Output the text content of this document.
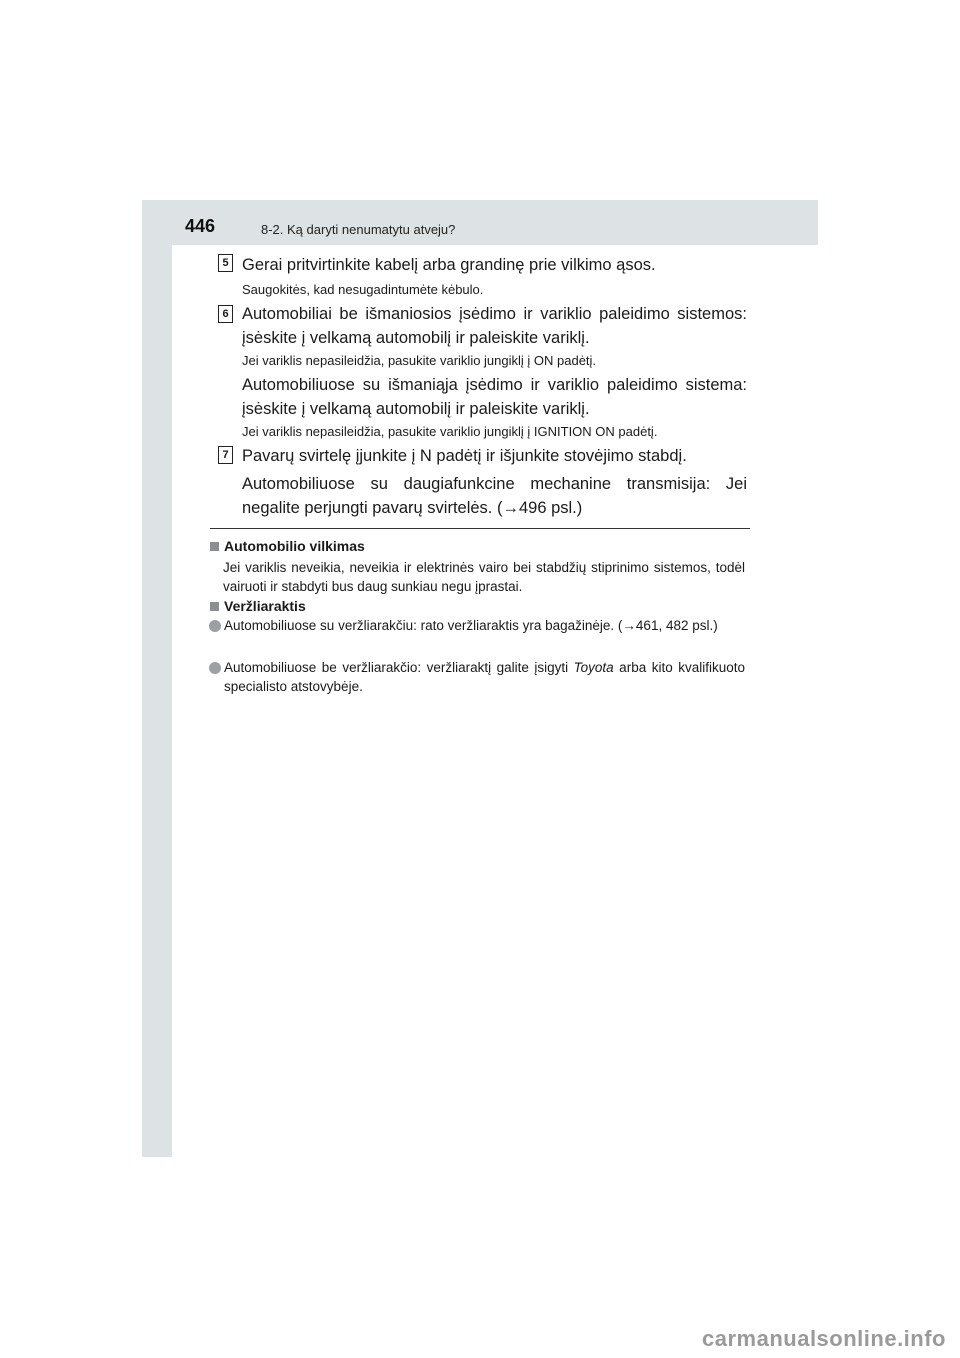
446	8-2. Ką daryti nenumatytu atveju?
5 Gerai pritvirtinkite kabelį arba grandinę prie vilkimo ąsos.
Saugokitės, kad nesugadintumėte kėbulo.
6 Automobiliai be išmaniosios įsėdimo ir variklio paleidimo sistemos: įsėskite į velkamą automobilį ir paleiskite variklį.
Jei variklis nepasileidžia, pasukite variklio jungiklį į ON padėtį.
Automobiliuose su išmaniąja įsėdimo ir variklio paleidimo sistema: įsėskite į velkamą automobilį ir paleiskite variklį.
Jei variklis nepasileidžia, pasukite variklio jungiklį į IGNITION ON padėtį.
7 Pavarų svirtelę įjunkite į N padėtį ir išjunkite stovėjimo stabdį.
Automobiliuose su daugiafunkcine mechanine transmisija: Jei negalite perjungti pavarų svirtelės. (→496 psl.)
Automobilio vilkimas
Jei variklis neveikia, neveikia ir elektrinės vairo bei stabdžių stiprinimo sistemos, todėl vairuoti ir stabdyti bus daug sunkiau negu įprastai.
Veržliaraktis
Automobiliuose su veržliarakčiu: rato veržliaraktis yra bagažinėje. (→461, 482 psl.)
Automobiliuose be veržliarakčio: veržliaraktį galite įsigyti Toyota arba kito kvalifikuoto specialisto atstovybėje.
carmanualsonline.info
